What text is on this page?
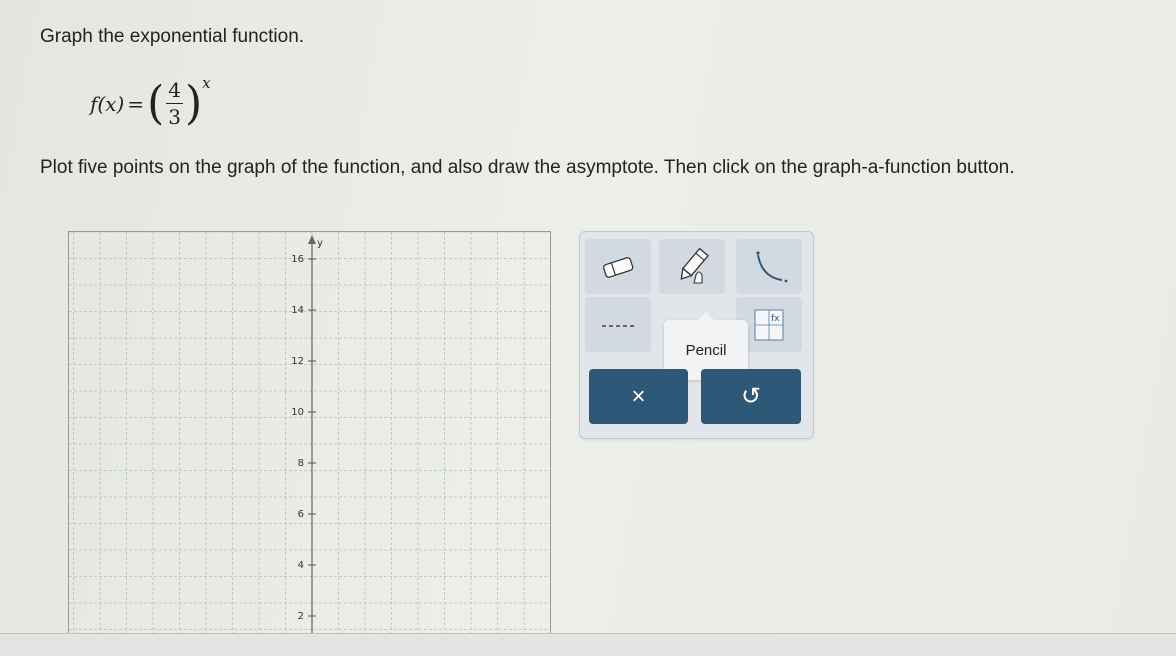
Graph the exponential function.
f(x) = ( $\frac{4}{3}$ ) x
Plot five points on the graph of the function, and also draw the asymptote. Then click on the graph-a-function button.
y
16
14
12
10
8
6
4
2
fx
Pencil
×	↺
